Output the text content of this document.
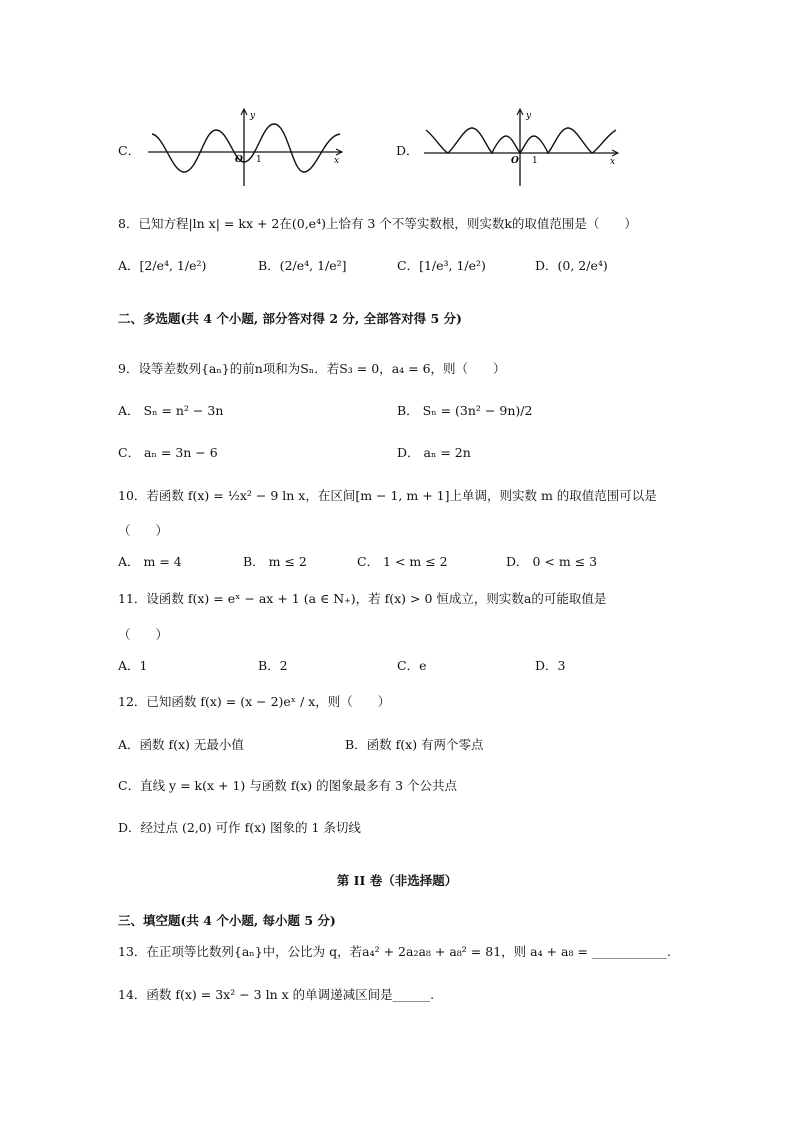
C．
y
x
O 1
D．
y
x
O 1
8．已知方程|ln x| = kx + 2在(0,e⁴)上恰有 3 个不等实数根，则实数k的取值范围是（　　）
A．[2/e⁴, 1/e²)	B．(2/e⁴, 1/e²]	C．[1/e³, 1/e²)	D．(0, 2/e⁴)
二、多选题(共 4 个小题, 部分答对得 2 分, 全部答对得 5 分)
9．设等差数列{aₙ}的前n项和为Sₙ．若S₃ = 0，a₄ = 6，则（　　）
A． Sₙ = n² − 3n	B． Sₙ = (3n² − 9n)/2
C． aₙ = 3n − 6	D． aₙ = 2n
10．若函数 f(x) = ½x² − 9 ln x，在区间[m − 1, m + 1]上单调，则实数 m 的取值范围可以是
（　　）
A． m = 4	B． m ≤ 2	C． 1 < m ≤ 2	D． 0 < m ≤ 3
11．设函数 f(x) = eˣ − ax + 1 (a ∈ N₊)，若 f(x) > 0 恒成立，则实数a的可能取值是
（　　）
A．1	B．2	C．e	D．3
12．已知函数 f(x) = (x − 2)eˣ / x，则（　　）
A．函数 f(x) 无最小值	B．函数 f(x) 有两个零点
C．直线 y = k(x + 1) 与函数 f(x) 的图象最多有 3 个公共点
D．经过点 (2,0) 可作 f(x) 图象的 1 条切线
第 II 卷（非选择题）
三、填空题(共 4 个小题, 每小题 5 分)
13．在正项等比数列{aₙ}中，公比为 q，若a₄² + 2a₂a₈ + a₈² = 81，则 a₄ + a₈ = ____________.
14．函数 f(x) = 3x² − 3 ln x 的单调递减区间是______.
